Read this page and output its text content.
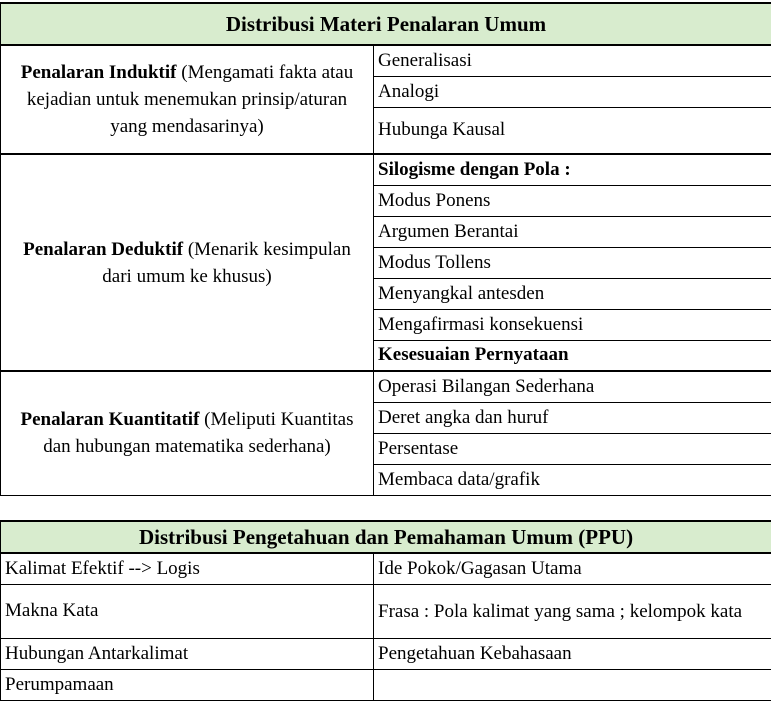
Distribusi Materi Penalaran Umum	
Penalaran Induktif (Mengamati fakta atau kejadian untuk menemukan prinsip/aturan yang mendasarinya)	Generalisasi
	Analogi
	Hubunga Kausal
Penalaran Deduktif (Menarik kesimpulan dari umum ke khusus)	Silogisme dengan Pola :
	Modus Ponens
	Argumen Berantai
	Modus Tollens
	Menyangkal antesden
	Mengafirmasi konsekuensi
	Kesesuaian Pernyataan
Penalaran Kuantitatif (Meliputi Kuantitas dan hubungan matematika sederhana)	Operasi Bilangan Sederhana
	Deret angka dan huruf
	Persentase
	Membaca data/grafik
Distribusi Pengetahuan dan Pemahaman Umum (PPU)	
Kalimat Efektif --> Logis	Ide Pokok/Gagasan Utama
Makna Kata	Frasa : Pola kalimat yang sama ; kelompok kata
Hubungan Antarkalimat	Pengetahuan Kebahasaan
Perumpamaan	
